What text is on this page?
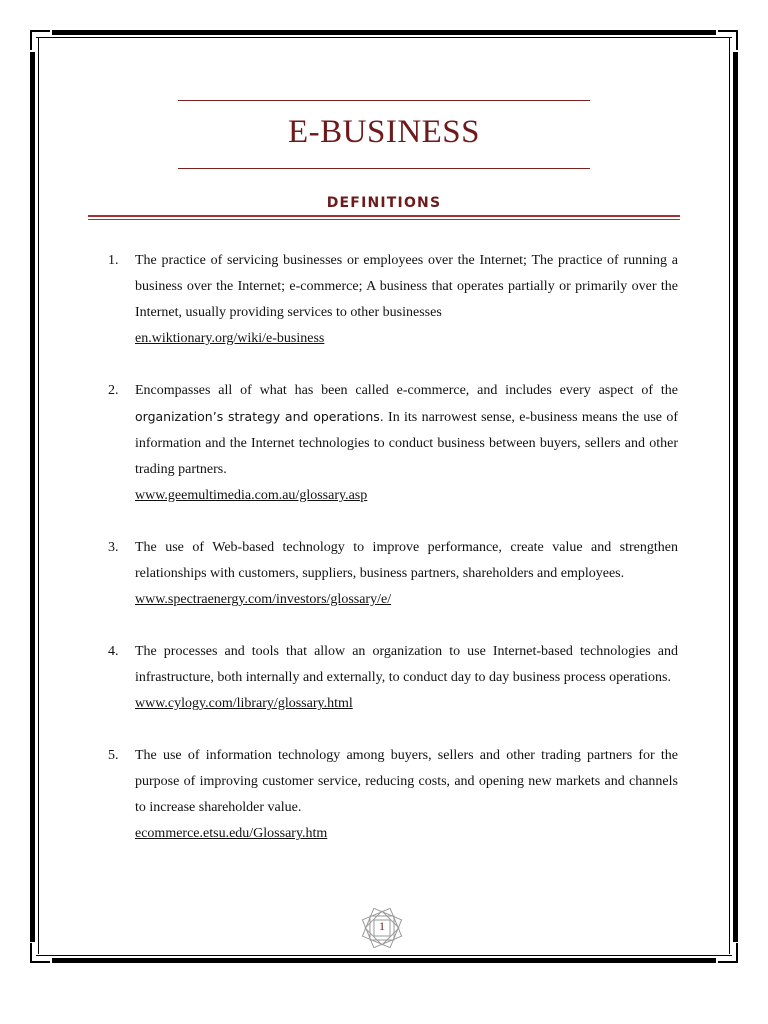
E-BUSINESS
DEFINITIONS
1.	The practice of servicing businesses or employees over the Internet; The practice of running a business over the Internet; e-commerce; A business that operates partially or primarily over the Internet, usually providing services to other businesses

en.wiktionary.org/wiki/e-business
2.	Encompasses all of what has been called e-commerce, and includes every aspect of the organization’s strategy and operations. In its narrowest sense, e-business means the use of information and the Internet technologies to conduct business between buyers, sellers and other trading partners.

www.geemultimedia.com.au/glossary.asp
3.	The use of Web-based technology to improve performance, create value and strengthen relationships with customers, suppliers, business partners, shareholders and employees.

www.spectraenergy.com/investors/glossary/e/
4.	The processes and tools that allow an organization to use Internet-based technologies and infrastructure, both internally and externally, to conduct day to day business process operations.

www.cylogy.com/library/glossary.html
5.	The use of information technology among buyers, sellers and other trading partners for the purpose of improving customer service, reducing costs, and opening new markets and channels to increase shareholder value.

ecommerce.etsu.edu/Glossary.htm
1
